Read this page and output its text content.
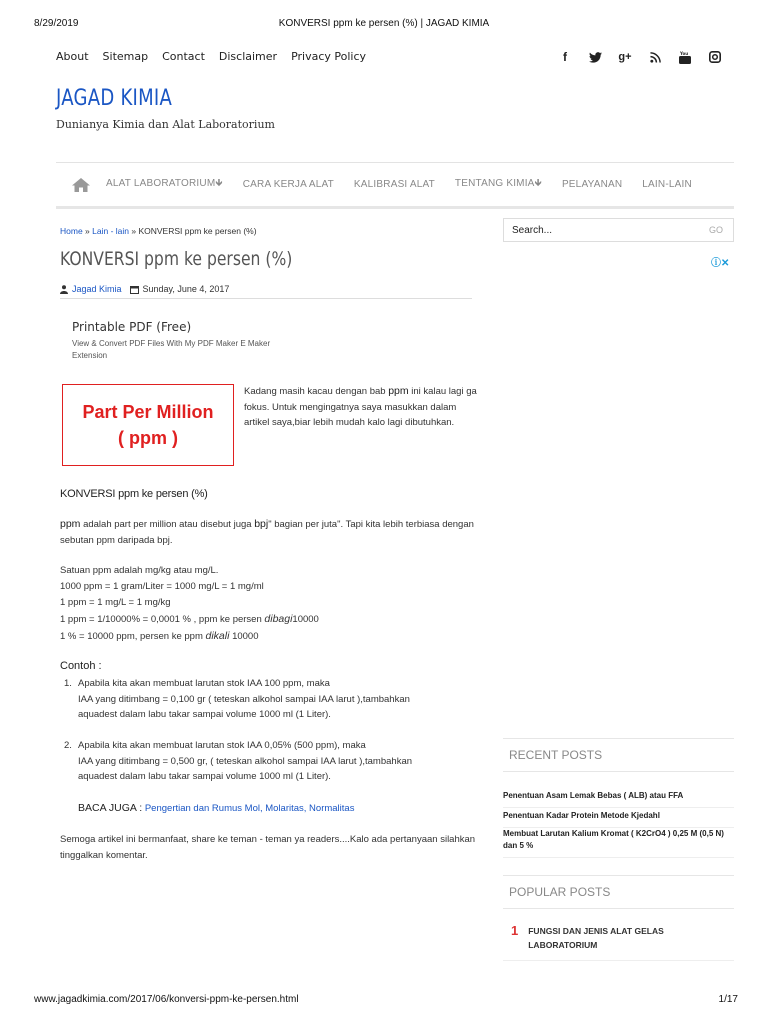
8/29/2019	KONVERSI ppm ke persen (%) | JAGAD KIMIA
About Sitemap Contact Disclaimer Privacy Policy	f	g+	You
JAGAD KIMIA
Dunianya Kimia dan Alat Laboratorium
ALAT LABORATORIUM🡻 CARA KERJA ALAT KALIBRASI ALAT TENTANG KIMIA🡻 PELAYANAN LAIN-LAIN
Home » Lain - lain » KONVERSI ppm ke persen (%)
KONVERSI ppm ke persen (%)
Jagad Kimia Sunday, June 4, 2017
Printable PDF (Free)
View & Convert PDF Files With My PDF Maker E Maker Extension
Part Per Million
( ppm )
Kadang masih kacau dengan bab ppm ini kalau lagi ga fokus. Untuk mengingatnya saya masukkan dalam artikel saya,biar lebih mudah kalo lagi dibutuhkan.
KONVERSI ppm ke persen (%)
ppm adalah part per million atau disebut juga bpj" bagian per juta". Tapi kita lebih terbiasa dengan sebutan ppm daripada bpj.
Satuan ppm adalah mg/kg atau mg/L.
1000 ppm = 1 gram/Liter = 1000 mg/L = 1 mg/ml
1 ppm = 1 mg/L = 1 mg/kg
1 ppm = 1/10000% = 0,0001 % , ppm ke persen dibagi10000
1 % = 10000 ppm, persen ke ppm dikali 10000
Contoh :
1. Apabila kita akan membuat larutan stok IAA 100 ppm, maka
IAA yang ditimbang = 0,100 gr ( teteskan alkohol sampai IAA larut ),tambahkan
aquadest dalam labu takar sampai volume 1000 ml (1 Liter).
2. Apabila kita akan membuat larutan stok IAA 0,05% (500 ppm), maka
IAA yang ditimbang = 0,500 gr, ( teteskan alkohol sampai IAA larut ),tambahkan
aquadest dalam labu takar sampai volume 1000 ml (1 Liter).
BACA JUGA : Pengertian dan Rumus Mol, Molaritas, Normalitas
Semoga artikel ini bermanfaat, share ke teman - teman ya readers....Kalo ada pertanyaan silahkan tinggalkan komentar.
Search...	GO
ⓘ✕
RECENT POSTS
Penentuan Asam Lemak Bebas ( ALB) atau FFA
Penentuan Kadar Protein Metode Kjedahl
Membuat Larutan Kalium Kromat ( K2CrO4 ) 0,25 M (0,5 N) dan 5 %
POPULAR POSTS
1 FUNGSI DAN JENIS ALAT GELAS LABORATORIUM
www.jagadkimia.com/2017/06/konversi-ppm-ke-persen.html	1/17
